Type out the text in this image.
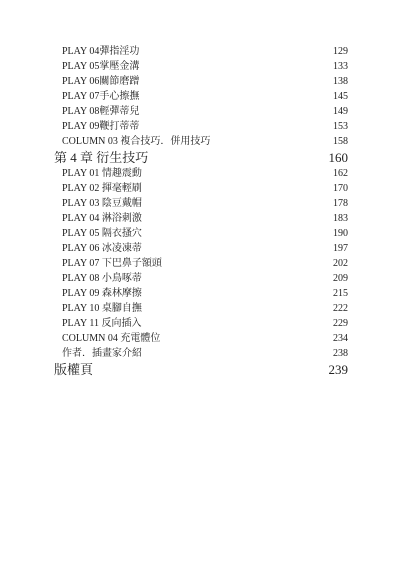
PLAY 04彈指淫功	129
PLAY 05掌壓金溝	133
PLAY 06關節磨蹭	138
PLAY 07手心擦撫	145
PLAY 08輕彈蒂兒	149
PLAY 09鞭打蒂蒂	153
COLUMN 03 複合技巧．併用技巧	158
第 4 章 衍生技巧	160
PLAY 01 情趣震動	162
PLAY 02 揮毫輕刷	170
PLAY 03 陰豆戴帽	178
PLAY 04 淋浴刺激	183
PLAY 05 隔衣搔穴	190
PLAY 06 冰凌凍蒂	197
PLAY 07 下巴鼻子額頭	202
PLAY 08 小鳥啄蒂	209
PLAY 09 森林摩擦	215
PLAY 10 桌腳自撫	222
PLAY 11 反向插入	229
COLUMN 04 充電體位	234
作者．插畫家介紹	238
版權頁	239
